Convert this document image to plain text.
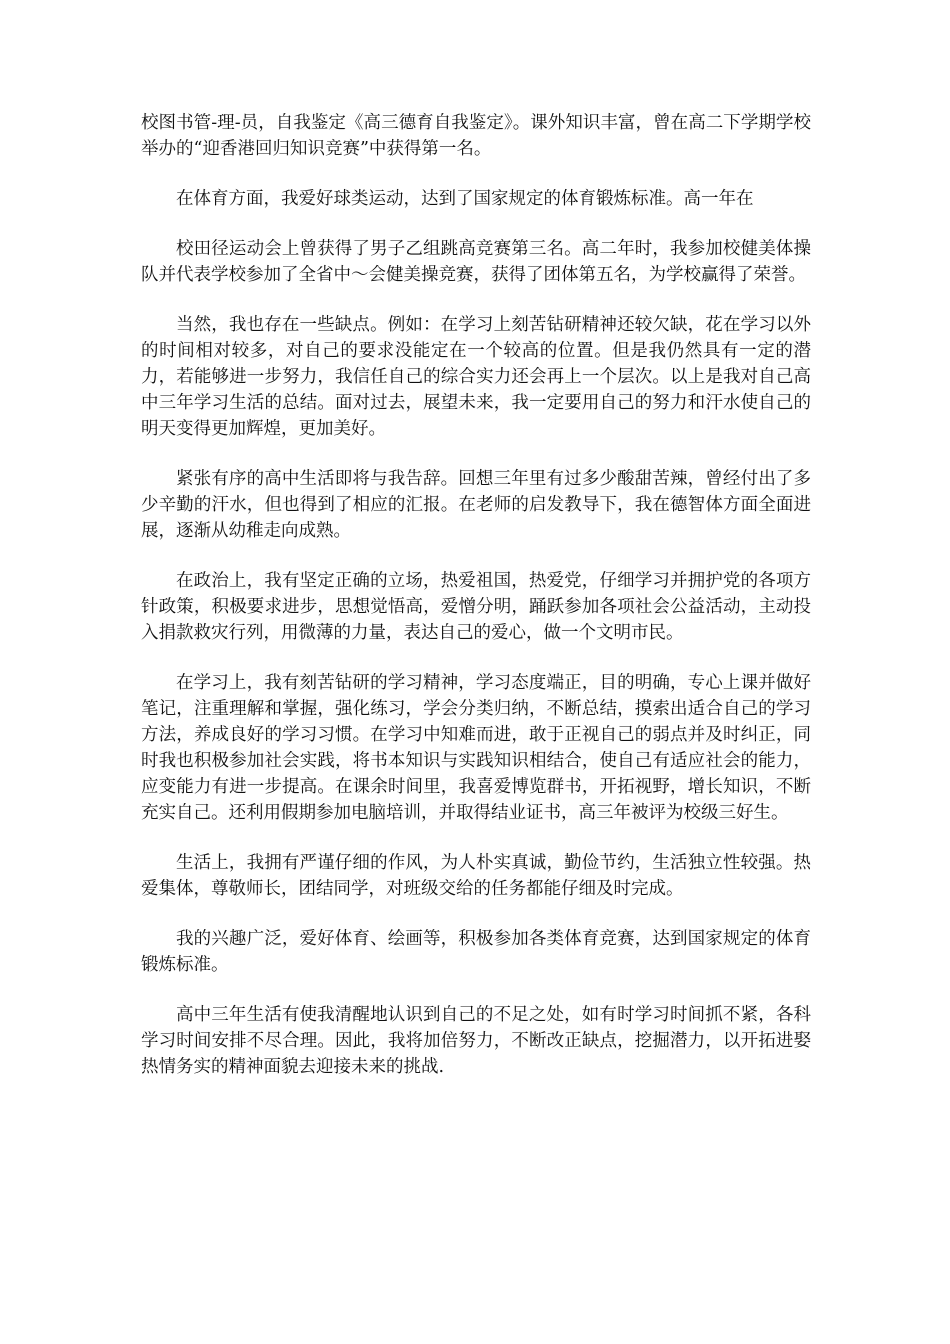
校图书管-理-员，自我鉴定《高三德育自我鉴定》。课外知识丰富，曾在高二下学期学校举办的“迎香港回归知识竞赛”中获得第一名。

在体育方面，我爱好球类运动，达到了国家规定的体育锻炼标准。高一年在

校田径运动会上曾获得了男子乙组跳高竞赛第三名。高二年时，我参加校健美体操队并代表学校参加了全省中～会健美操竞赛，获得了团体第五名，为学校赢得了荣誉。

当然，我也存在一些缺点。例如：在学习上刻苦钻研精神还较欠缺，花在学习以外的时间相对较多，对自己的要求没能定在一个较高的位置。但是我仍然具有一定的潜力，若能够进一步努力，我信任自己的综合实力还会再上一个层次。以上是我对自己高中三年学习生活的总结。面对过去，展望未来，我一定要用自己的努力和汗水使自己的明天变得更加辉煌，更加美好。

紧张有序的高中生活即将与我告辞。回想三年里有过多少酸甜苦辣，曾经付出了多少辛勤的汗水，但也得到了相应的汇报。在老师的启发教导下，我在德智体方面全面进展，逐渐从幼稚走向成熟。

在政治上，我有坚定正确的立场，热爱祖国，热爱党，仔细学习并拥护党的各项方针政策，积极要求进步，思想觉悟高，爱憎分明，踊跃参加各项社会公益活动，主动投入捐款救灾行列，用微薄的力量，表达自己的爱心，做一个文明市民。

在学习上，我有刻苦钻研的学习精神，学习态度端正，目的明确，专心上课并做好笔记，注重理解和掌握，强化练习，学会分类归纳，不断总结，摸索出适合自己的学习方法，养成良好的学习习惯。在学习中知难而进，敢于正视自己的弱点并及时纠正，同时我也积极参加社会实践，将书本知识与实践知识相结合，使自己有适应社会的能力，应变能力有进一步提高。在课余时间里，我喜爱博览群书，开拓视野，增长知识，不断充实自己。还利用假期参加电脑培训，并取得结业证书，高三年被评为校级三好生。

生活上，我拥有严谨仔细的作风，为人朴实真诚，勤俭节约，生活独立性较强。热爱集体，尊敬师长，团结同学，对班级交给的任务都能仔细及时完成。

我的兴趣广泛，爱好体育、绘画等，积极参加各类体育竞赛，达到国家规定的体育锻炼标准。

高中三年生活有使我清醒地认识到自己的不足之处，如有时学习时间抓不紧，各科学习时间安排不尽合理。因此，我将加倍努力，不断改正缺点，挖掘潜力，以开拓进娶热情务实的精神面貌去迎接未来的挑战.
